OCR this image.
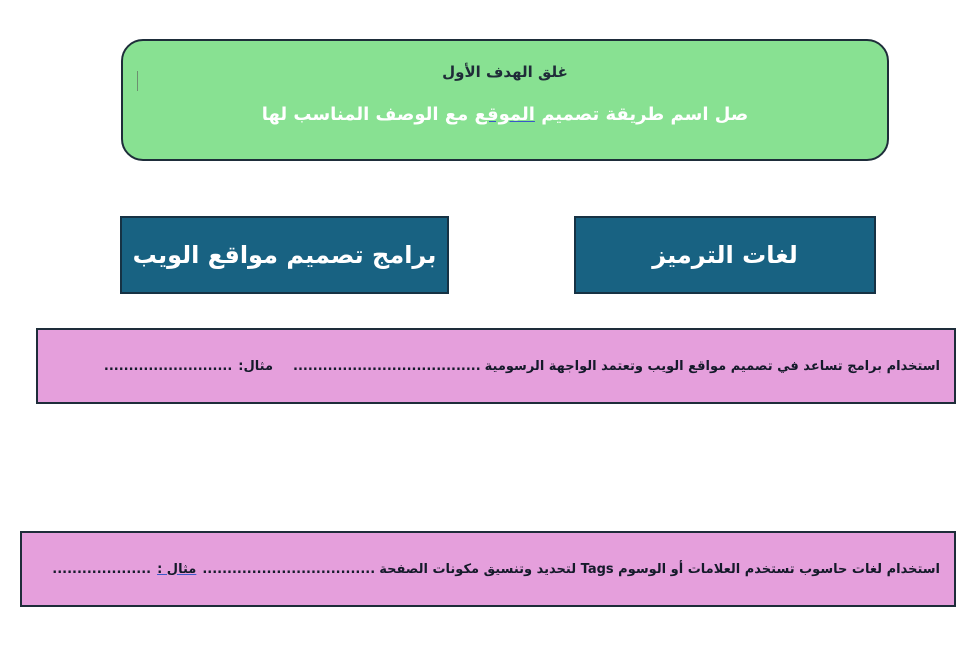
غلق الهدف الأول
صل اسم طريقة تصميم الموقع مع الوصف المناسب لها
برامج تصميم مواقع الويب	لغات الترميز
استخدام برامج تساعد في تصميم مواقع الويب وتعتمد الواجهة الرسومية
......................................
مثال:
..........................
استخدام لغات حاسوب تستخدم العلامات أو الوسوم Tags لتحديد وتنسيق مكونات الصفحة
...................................
مثال :
....................
